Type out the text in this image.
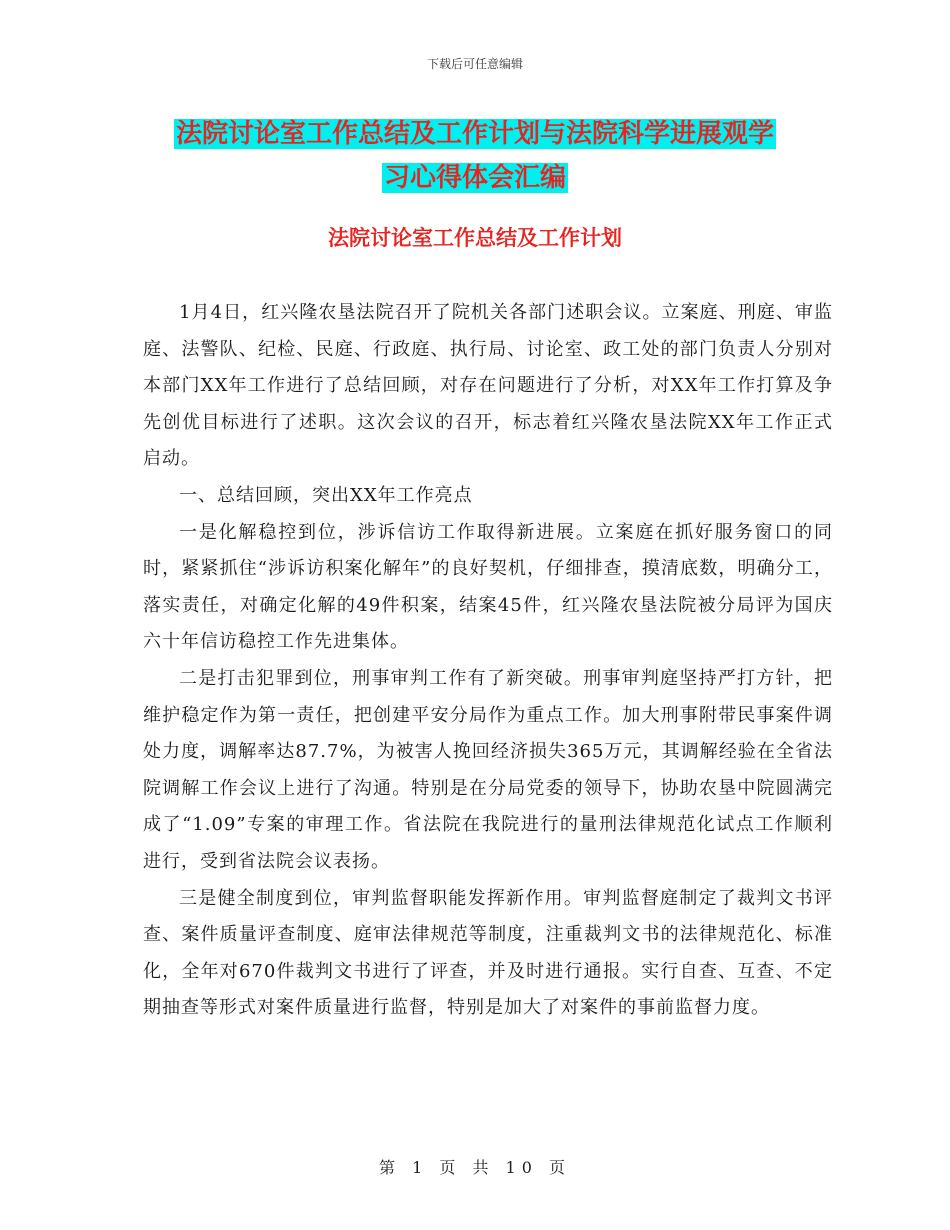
下载后可任意编辑
法院讨论室工作总结及工作计划与法院科学进展观学
习心得体会汇编
法院讨论室工作总结及工作计划

1月4日，红兴隆农垦法院召开了院机关各部门述职会议。立案庭、刑庭、审监庭、法警队、纪检、民庭、行政庭、执行局、讨论室、政工处的部门负责人分别对本部门XX年工作进行了总结回顾，对存在问题进行了分析，对XX年工作打算及争先创优目标进行了述职。这次会议的召开，标志着红兴隆农垦法院XX年工作正式启动。

一、总结回顾，突出XX年工作亮点

一是化解稳控到位，涉诉信访工作取得新进展。立案庭在抓好服务窗口的同时，紧紧抓住“涉诉访积案化解年”的良好契机，仔细排查，摸清底数，明确分工，落实责任，对确定化解的49件积案，结案45件，红兴隆农垦法院被分局评为国庆六十年信访稳控工作先进集体。

二是打击犯罪到位，刑事审判工作有了新突破。刑事审判庭坚持严打方针，把维护稳定作为第一责任，把创建平安分局作为重点工作。加大刑事附带民事案件调处力度，调解率达87.7%，为被害人挽回经济损失365万元，其调解经验在全省法院调解工作会议上进行了沟通。特别是在分局党委的领导下，协助农垦中院圆满完成了“1.09”专案的审理工作。省法院在我院进行的量刑法律规范化试点工作顺利进行，受到省法院会议表扬。

三是健全制度到位，审判监督职能发挥新作用。审判监督庭制定了裁判文书评查、案件质量评查制度、庭审法律规范等制度，注重裁判文书的法律规范化、标准化，全年对670件裁判文书进行了评查，并及时进行通报。实行自查、互查、不定期抽查等形式对案件质量进行监督，特别是加大了对案件的事前监督力度。

第 1 页 共 10 页
